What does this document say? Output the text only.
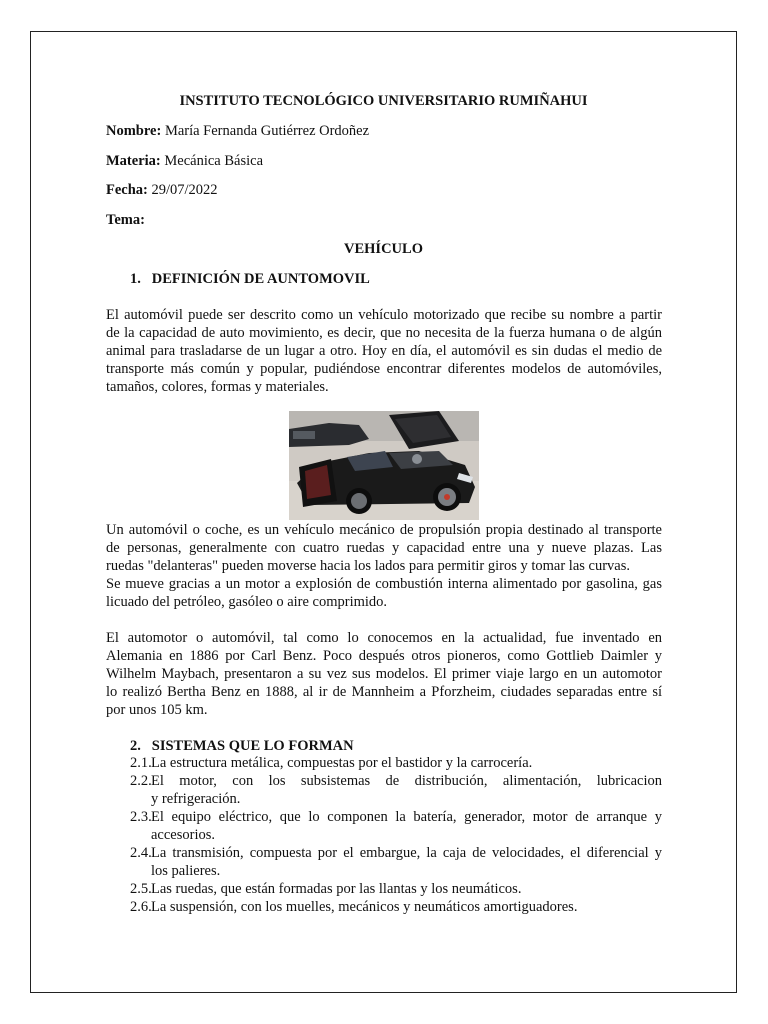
INSTITUTO TECNOLÓGICO UNIVERSITARIO RUMIÑAHUI
Nombre: María Fernanda Gutiérrez Ordoñez
Materia: Mecánica Básica
Fecha: 29/07/2022
Tema:
VEHÍCULO
1.   DEFINICIÓN DE AUNTOMOVIL
El automóvil puede ser descrito como un vehículo motorizado que recibe su nombre a partir
de la capacidad de auto movimiento, es decir, que no necesita de la fuerza humana o de algún
animal para trasladarse de un lugar a otro. Hoy en día, el automóvil es sin dudas el medio de
transporte más común y popular, pudiéndose encontrar diferentes modelos de automóviles,
tamaños, colores, formas y materiales.
Un automóvil o coche, es un vehículo mecánico de propulsión propia destinado al transporte
de personas, generalmente con cuatro ruedas y capacidad entre una y nueve plazas. Las
ruedas "delanteras" pueden moverse hacia los lados para permitir giros y tomar las curvas.
Se mueve gracias a un motor a explosión de combustión interna alimentado por gasolina, gas
licuado del petróleo, gasóleo o aire comprimido.
El automotor o automóvil, tal como lo conocemos en la actualidad, fue inventado en
Alemania en 1886 por Carl Benz. Poco después otros pioneros, como Gottlieb Daimler y
Wilhelm Maybach, presentaron a su vez sus modelos. El primer viaje largo en un automotor
lo realizó Bertha Benz en 1888, al ir de Mannheim a Pforzheim, ciudades separadas entre sí
por unos 105 km.
2.   SISTEMAS QUE LO FORMAN
2.1. La estructura metálica, compuestas por el bastidor y la carrocería.
2.2. El motor, con los subsistemas de distribución, alimentación, lubricacion
y refrigeración.
2.3. El equipo eléctrico, que lo componen la batería, generador, motor de arranque y
accesorios.
2.4. La transmisión, compuesta por el embargue, la caja de velocidades, el diferencial y
los palieres.
2.5. Las ruedas, que están formadas por las llantas y los neumáticos.
2.6. La suspensión, con los muelles, mecánicos y neumáticos amortiguadores.
